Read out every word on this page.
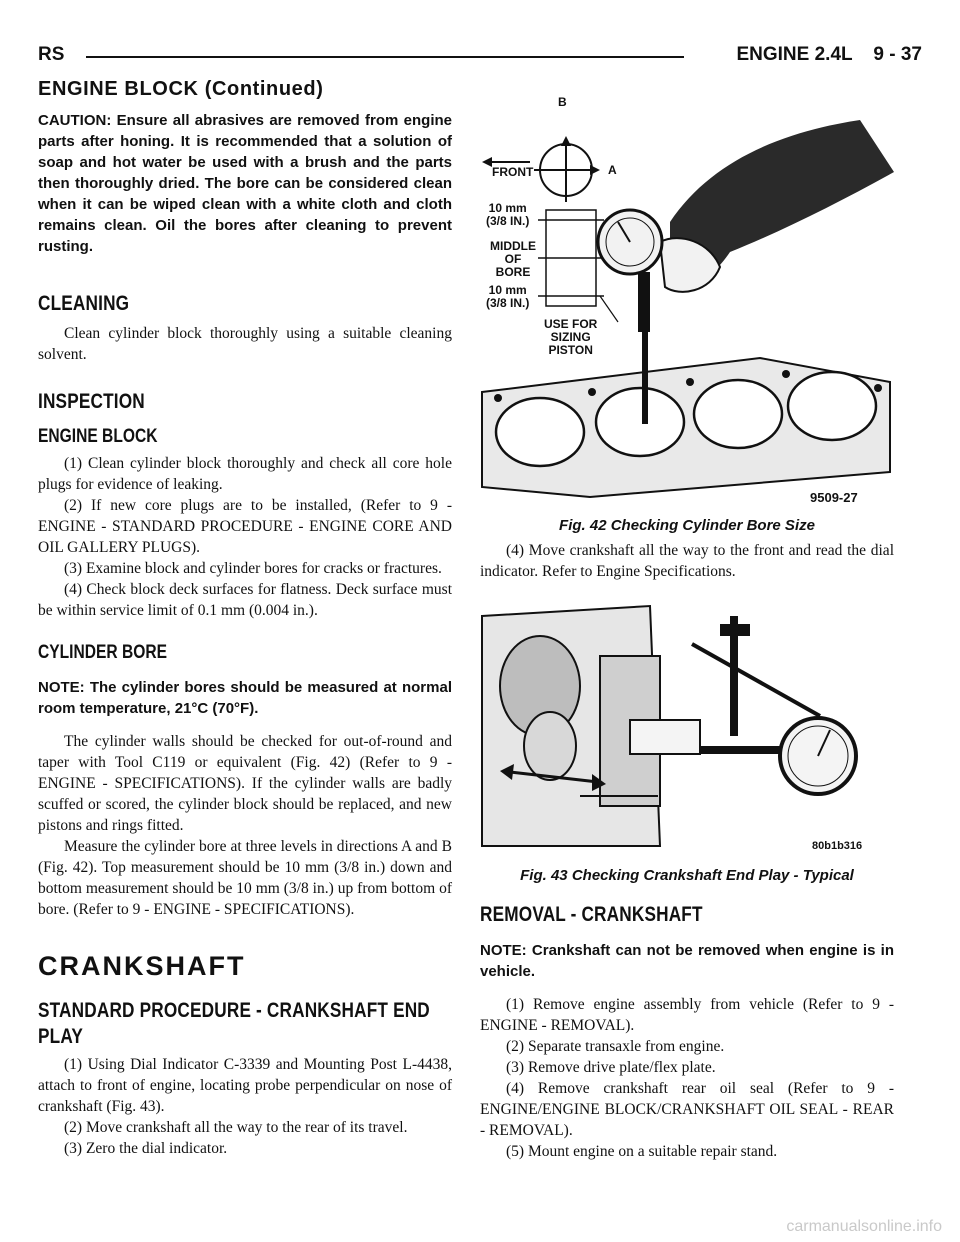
RS	ENGINE 2.4L    9 - 37
ENGINE BLOCK (Continued)

CAUTION: Ensure all abrasives are removed from engine parts after honing. It is recommended that a solution of soap and hot water be used with a brush and the parts then thoroughly dried. The bore can be considered clean when it can be wiped clean with a white cloth and cloth remains clean. Oil the bores after cleaning to prevent rusting.

CLEANING

Clean cylinder block thoroughly using a suitable cleaning solvent.

INSPECTION
ENGINE BLOCK

(1) Clean cylinder block thoroughly and check all core hole plugs for evidence of leaking.

(2) If new core plugs are to be installed, (Refer to 9 - ENGINE - STANDARD PROCEDURE - ENGINE CORE AND OIL GALLERY PLUGS).

(3) Examine block and cylinder bores for cracks or fractures.

(4) Check block deck surfaces for flatness. Deck surface must be within service limit of 0.1 mm (0.004 in.).

CYLINDER BORE

NOTE: The cylinder bores should be measured at normal room temperature, 21°C (70°F).

The cylinder walls should be checked for out-of-round and taper with Tool C119 or equivalent (Fig. 42) (Refer to 9 - ENGINE - SPECIFICATIONS). If the cylinder walls are badly scuffed or scored, the cylinder block should be replaced, and new pistons and rings fitted.

Measure the cylinder bore at three levels in directions A and B (Fig. 42). Top measurement should be 10 mm (3/8 in.) down and bottom measurement should be 10 mm (3/8 in.) up from bottom of bore. (Refer to 9 - ENGINE - SPECIFICATIONS).

CRANKSHAFT
STANDARD PROCEDURE - CRANKSHAFT END PLAY

(1) Using Dial Indicator C-3339 and Mounting Post L-4438, attach to front of engine, locating probe perpendicular on nose of crankshaft (Fig. 43).

(2) Move crankshaft all the way to the rear of its travel.

(3) Zero the dial indicator.

B
A
FRONT
10 mm
(3/8 IN.)
MIDDLE
OF
BORE
10 mm
(3/8 IN.)
USE FOR
SIZING
PISTON
9509-27

Fig. 42 Checking Cylinder Bore Size

(4) Move crankshaft all the way to the front and read the dial indicator. Refer to Engine Specifications.

80b1b316

Fig. 43 Checking Crankshaft End Play - Typical

REMOVAL - CRANKSHAFT

NOTE: Crankshaft can not be removed when engine is in vehicle.

(1) Remove engine assembly from vehicle (Refer to 9 - ENGINE - REMOVAL).

(2) Separate transaxle from engine.

(3) Remove drive plate/flex plate.

(4) Remove crankshaft rear oil seal (Refer to 9 - ENGINE/ENGINE BLOCK/CRANKSHAFT OIL SEAL - REAR - REMOVAL).

(5) Mount engine on a suitable repair stand.

carmanualsonline.info
